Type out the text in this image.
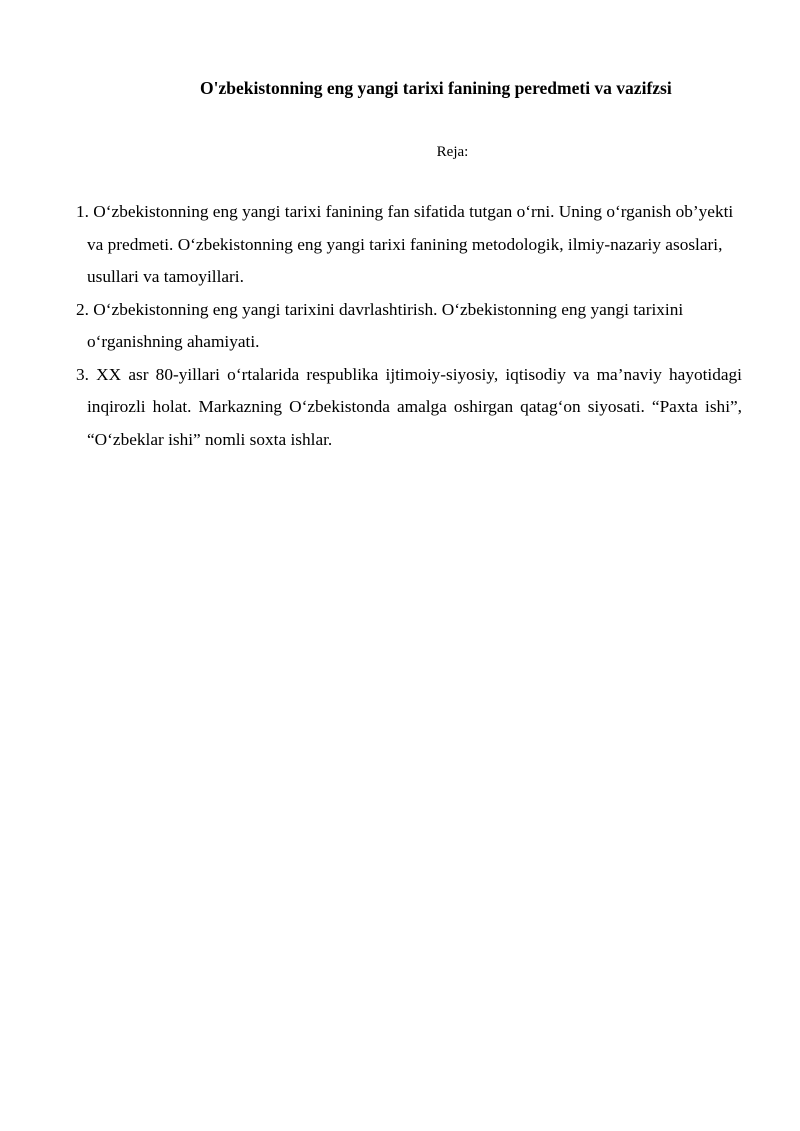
O'zbekistonning eng yangi tarixi fanining peredmeti va vazifzsi
Reja:
1. O‘zbekistonning eng yangi tarixi fanining fan sifatida tutgan o‘rni. Uning o‘rganish ob’yekti va predmeti. O‘zbekistonning eng yangi tarixi fanining metodologik, ilmiy-nazariy asoslari, usullari va tamoyillari.
2. O‘zbekistonning eng yangi tarixini davrlashtirish. O‘zbekistonning eng yangi tarixini o‘rganishning ahamiyati.
3. XX asr 80-yillari o‘rtalarida respublika ijtimoiy-siyosiy, iqtisodiy va ma’naviy hayotidagi inqirozli holat. Markazning O‘zbekistonda amalga oshirgan qatag‘on siyosati. “Paxta ishi”, “O‘zbeklar ishi” nomli soxta ishlar.
